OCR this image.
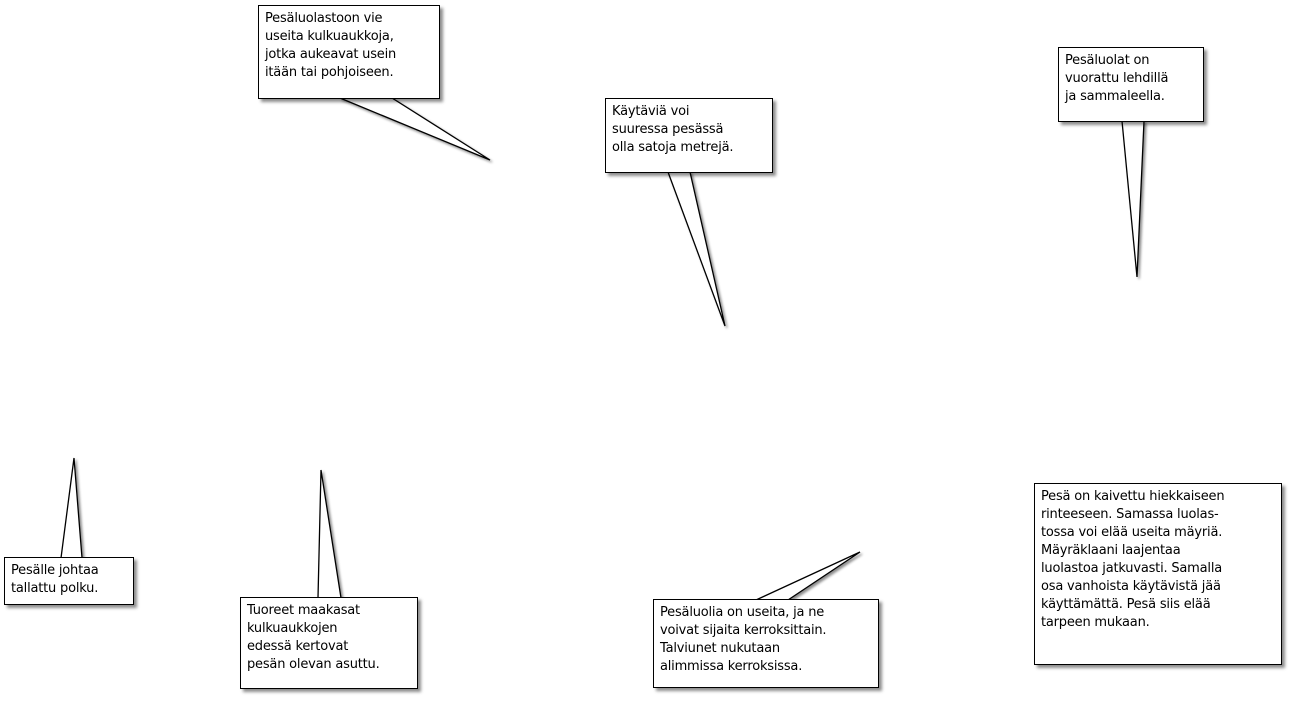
Pesäluolastoon vie
useita kulkuaukkoja,
jotka aukeavat usein
itään tai pohjoiseen.
Käytäviä voi
suuressa pesässä
olla satoja metrejä.
Pesäluolat on
vuorattu lehdillä
ja sammaleella.
Pesälle johtaa
tallattu polku.
Tuoreet maakasat
kulkuaukkojen
edessä kertovat
pesän olevan asuttu.
Pesäluolia on useita, ja ne
voivat sijaita kerroksittain.
Talviunet nukutaan
alimmissa kerroksissa.
Pesä on kaivettu hiekkaiseen
rinteeseen. Samassa luolas-
tossa voi elää useita mäyriä.
Mäyräklaani laajentaa
luolastoa jatkuvasti. Samalla
osa vanhoista käytävistä jää
käyttämättä. Pesä siis elää
tarpeen mukaan.
